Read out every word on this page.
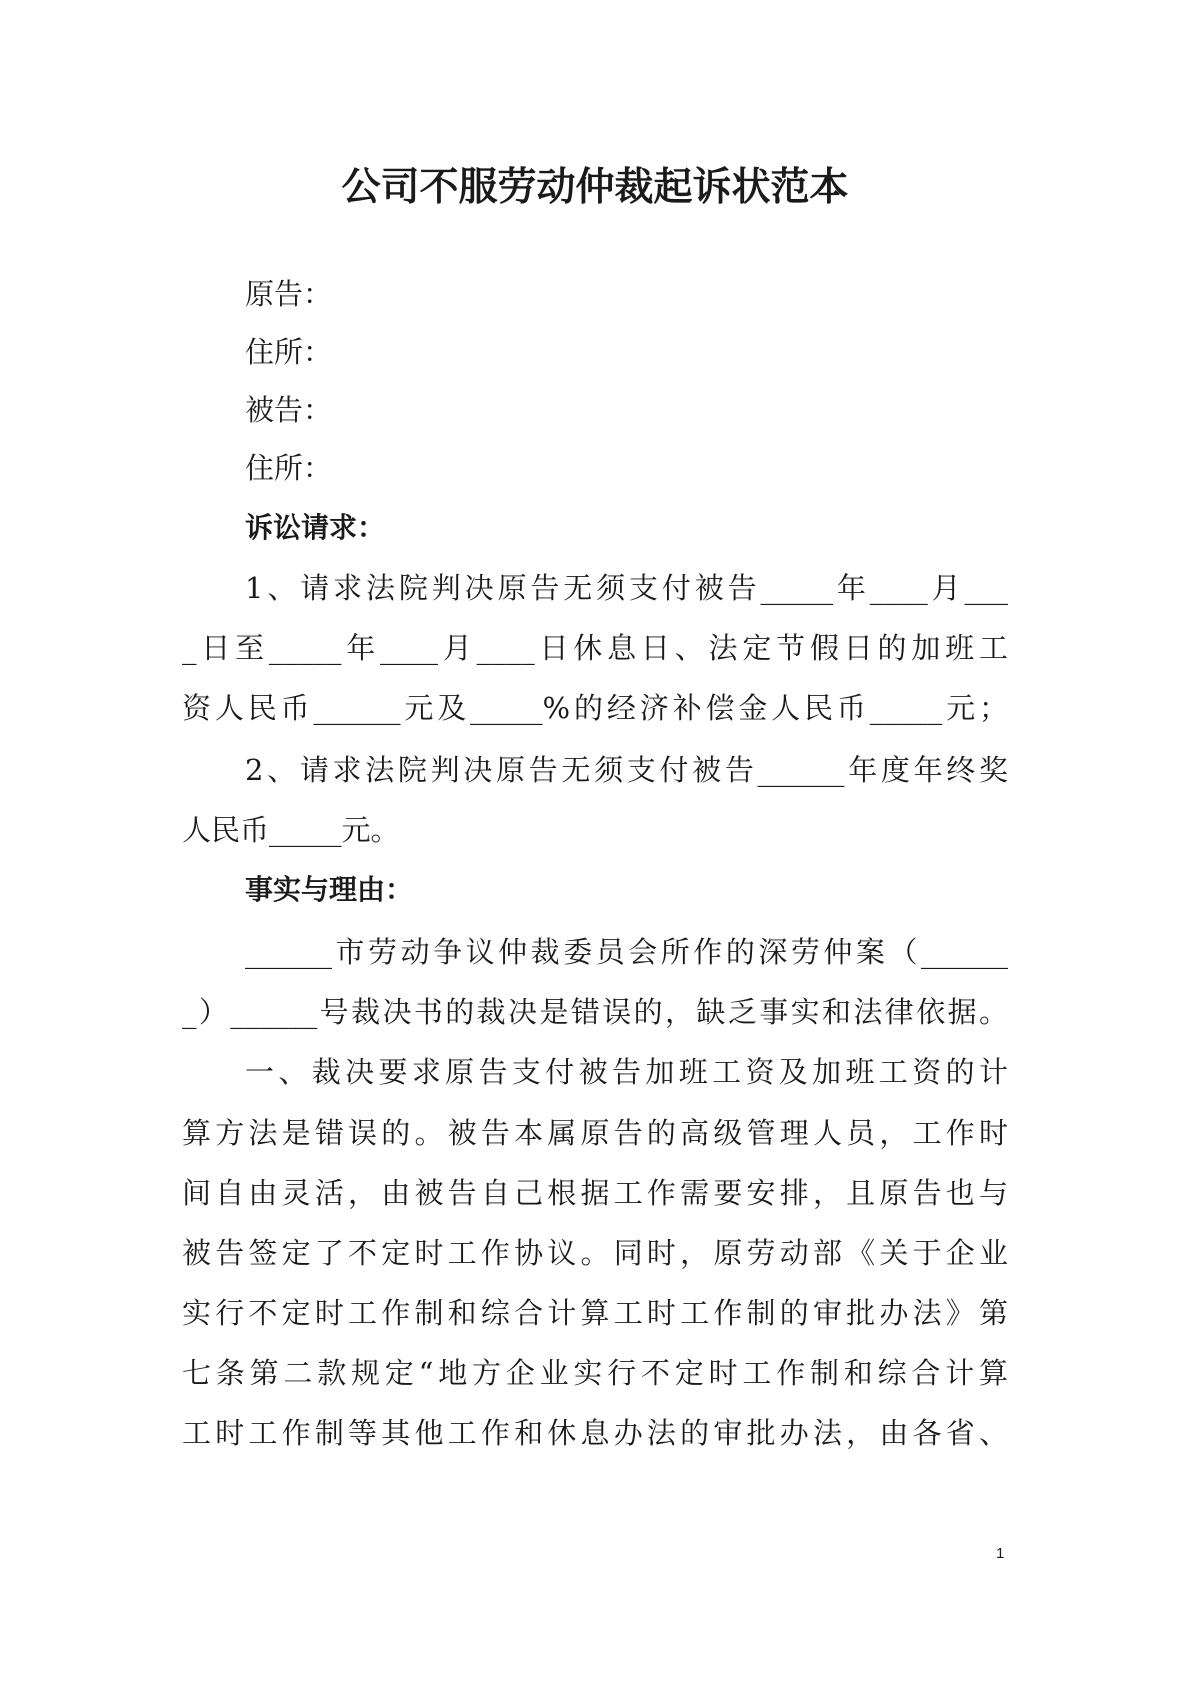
公司不服劳动仲裁起诉状范本
原告：
住所：
被告：
住所：
诉讼请求：
1、请求法院判决原告无须支付被告_____年____月___
_日至_____年____月____日休息日、法定节假日的加班工
资人民币______元及_____%的经济补偿金人民币_____元；
2、请求法院判决原告无须支付被告______年度年终奖
人民币_____元。
事实与理由：
______市劳动争议仲裁委员会所作的深劳仲案（______
_）______号裁决书的裁决是错误的，缺乏事实和法律依据。
一、裁决要求原告支付被告加班工资及加班工资的计
算方法是错误的。被告本属原告的高级管理人员，工作时
间自由灵活，由被告自己根据工作需要安排，且原告也与
被告签定了不定时工作协议。同时，原劳动部《关于企业
实行不定时工作制和综合计算工时工作制的审批办法》第
七条第二款规定“地方企业实行不定时工作制和综合计算
工时工作制等其他工作和休息办法的审批办法，由各省、
1
